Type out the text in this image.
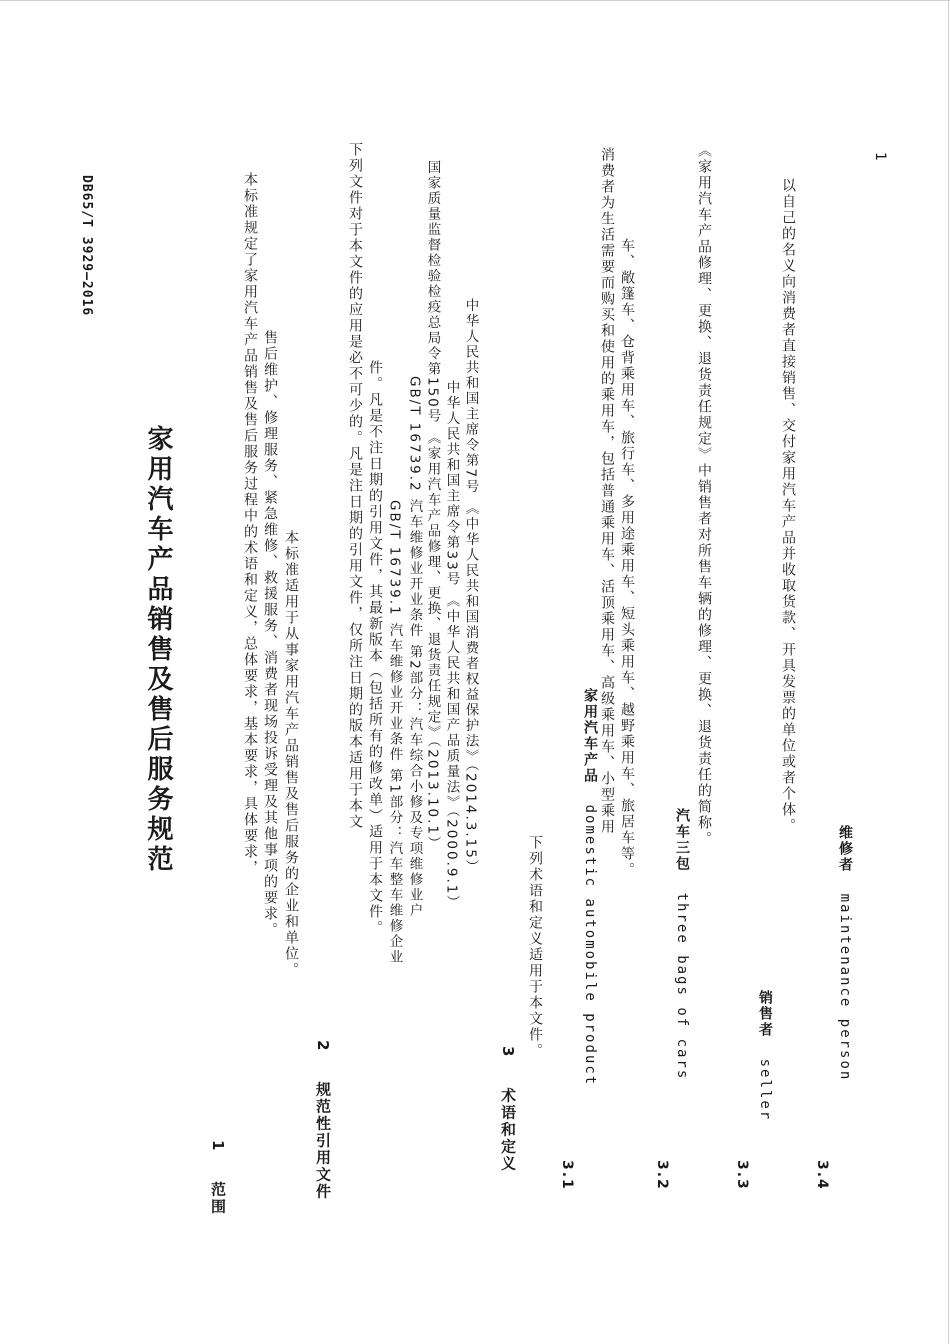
DB65/T 3929—2016
家用汽车产品销售及售后服务规范
1    范围
本标准规定了家用汽车产品销售及售后服务过程中的术语和定义，总体要求，基本要求，具体要求， 售后维护、修理服务、紧急维修、救援服务、消费者现场投诉受理及其他事项的要求。 本标准适用于从事家用汽车产品销售及售后服务的企业和单位。
2    规范性引用文件
下列文件对于本文件的应用是必不可少的。凡是注日期的引用文件，仅所注日期的版本适用于本文 件。凡是不注日期的引用文件，其最新版本（包括所有的修改单）适用于本文件。 GB/T 16739.1 汽车维修业开业条件 第1部分：汽车整车维修企业 GB/T 16739.2 汽车维修业开业条件 第2部分：汽车综合小修及专项维修业户 国家质量监督检验检疫总局令第150号 《家用汽车产品修理、更换、退货责任规定》（2013.10.1） 中华人民共和国主席令第33号 《中华人民共和国产品质量法》（2000.9.1） 中华人民共和国主席令第7号 《中华人民共和国消费者权益保护法》（2014.3.15）
3    术语和定义
下列术语和定义适用于本文件。
3.1
家用汽车产品   domestic automobile product
消费者为生活需要而购买和使用的乘用车，包括普通乘用车、活顶乘用车、高级乘用车、小型乘用 车、敞篷车、仓背乘用车、旅行车、多用途乘用车、短头乘用车、越野乘用车、旅居车等。
3.2
汽车三包   three bags of cars
《家用汽车产品修理、更换、退货责任规定》中销售者对所售车辆的修理、更换、退货责任的简称。
3.3
销售者   seller
以自己的名义向消费者直接销售、交付家用汽车产品并收取货款、开具发票的单位或者个体。
3.4
维修者   maintenance person
1
